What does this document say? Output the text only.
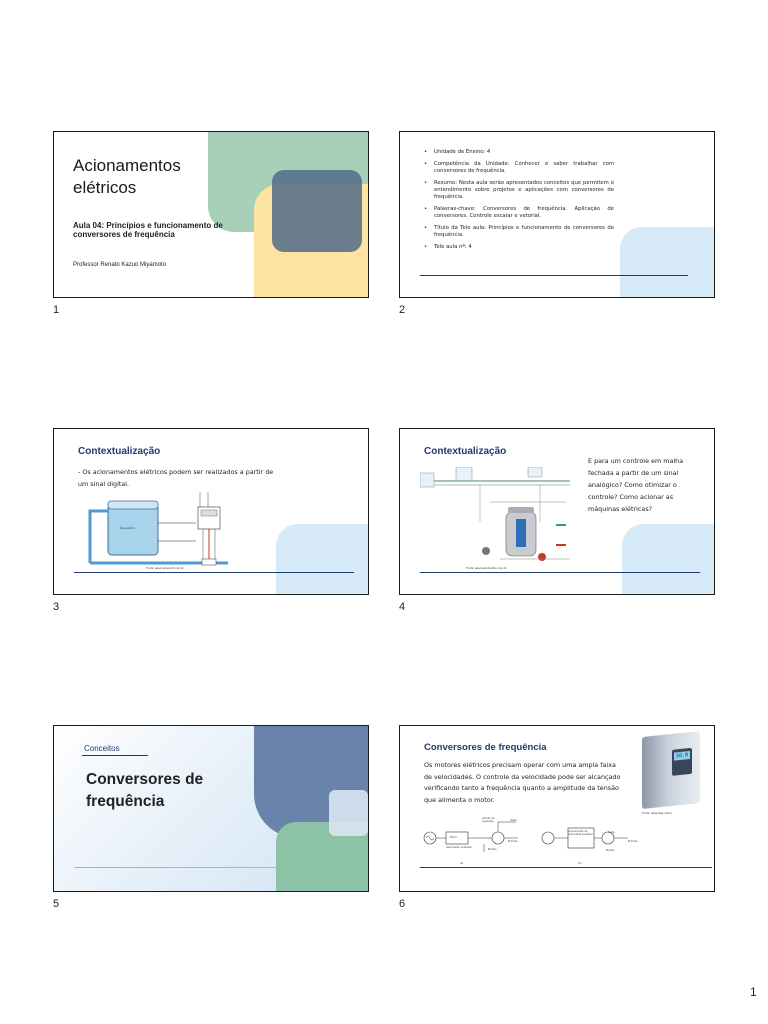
Acionamentos elétricos

Aula 04: Princípios e funcionamento de conversores de frequência

Professor Renato Kazuo Miyamoto

1
• Unidade de Ensino: 4
• Competência da Unidade: Conhecer e saber trabalhar com conversores de frequência.
• Resumo: Nesta aula serão apresentados conceitos que permitem o entendimento sobre projetos e aplicações com conversores de frequência.
• Palavras-chave: Conversores de frequência. Aplicação de conversores. Controle escalar e vetorial.
• Título da Tele aula: Princípios e funcionamento de conversores de frequência.
• Tele aula nº: 4
2

Contextualização

- Os acionamentos elétricos podem ser realizados a partir de um sinal digital.

Reservatório
Fonte: www.nutecsmf.com.br
3

Contextualização

E para um controle em malha fechada a partir de um sinal analógico? Como otimizar o controle? Como acionar as máquinas elétricas?

Fonte: www.automation.com.br
4

Conceitos

Conversores de frequência

5

Conversores de frequência

Os motores elétricos precisam operar com uma ampla faixa de velocidades. O controle da velocidade pode ser alcançado verificando tanto a frequência quanto a amplitude da tensão que alimenta o motor.

50.0
Fonte: www.weg.net.br
Motor
Válvula de regulação	Saída
Entrada
Bomba
Velocidade constante
Acionamento de velocidade ajustável
Saída
Entrada
Bomba
(a)	(b)
6
1
